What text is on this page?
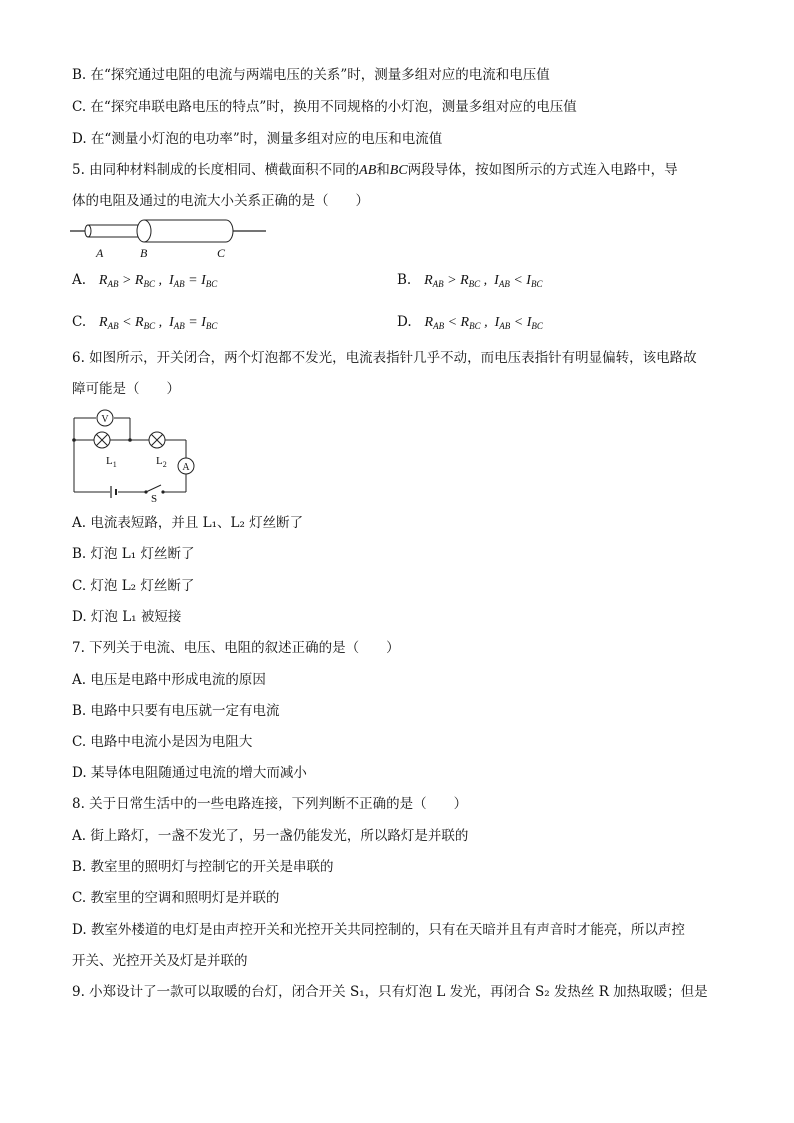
B. 在“探究通过电阻的电流与两端电压的关系”时，测量多组对应的电流和电压值
C. 在“探究串联电路电压的特点”时，换用不同规格的小灯泡，测量多组对应的电压值
D. 在“测量小灯泡的电功率”时，测量多组对应的电压和电流值
5. 由同种材料制成的长度相同、横截面积不同的AB和BC两段导体，按如图所示的方式连入电路中，导
体的电阻及通过的电流大小关系正确的是（　　）
A	B	C
A. $R_{AB} > R_{BC}$ ,  $I_{AB} = I_{BC}$	B. $R_{AB} > R_{BC}$ ,  $I_{AB} < I_{BC}$
C. $R_{AB} < R_{BC}$ ,  $I_{AB} = I_{BC}$	D. $R_{AB} < R_{BC}$ ,  $I_{AB} < I_{BC}$
6. 如图所示，开关闭合，两个灯泡都不发光，电流表指针几乎不动，而电压表指针有明显偏转，该电路故
障可能是（　　）
V
$L_1$	$L_2$ A
S
A. 电流表短路，并且 L₁、L₂ 灯丝断了
B. 灯泡 L₁ 灯丝断了
C. 灯泡 L₂ 灯丝断了
D. 灯泡 L₁ 被短接
7. 下列关于电流、电压、电阻的叙述正确的是（　　）
A. 电压是电路中形成电流的原因
B. 电路中只要有电压就一定有电流
C. 电路中电流小是因为电阻大
D. 某导体电阻随通过电流的增大而减小
8. 关于日常生活中的一些电路连接，下列判断不正确的是（　　）
A. 街上路灯，一盏不发光了，另一盏仍能发光，所以路灯是并联的
B. 教室里的照明灯与控制它的开关是串联的
C. 教室里的空调和照明灯是并联的
D. 教室外楼道的电灯是由声控开关和光控开关共同控制的，只有在天暗并且有声音时才能亮，所以声控
开关、光控开关及灯是并联的
9. 小郑设计了一款可以取暖的台灯，闭合开关 S₁，只有灯泡 L 发光，再闭合 S₂ 发热丝 R 加热取暖；但是
